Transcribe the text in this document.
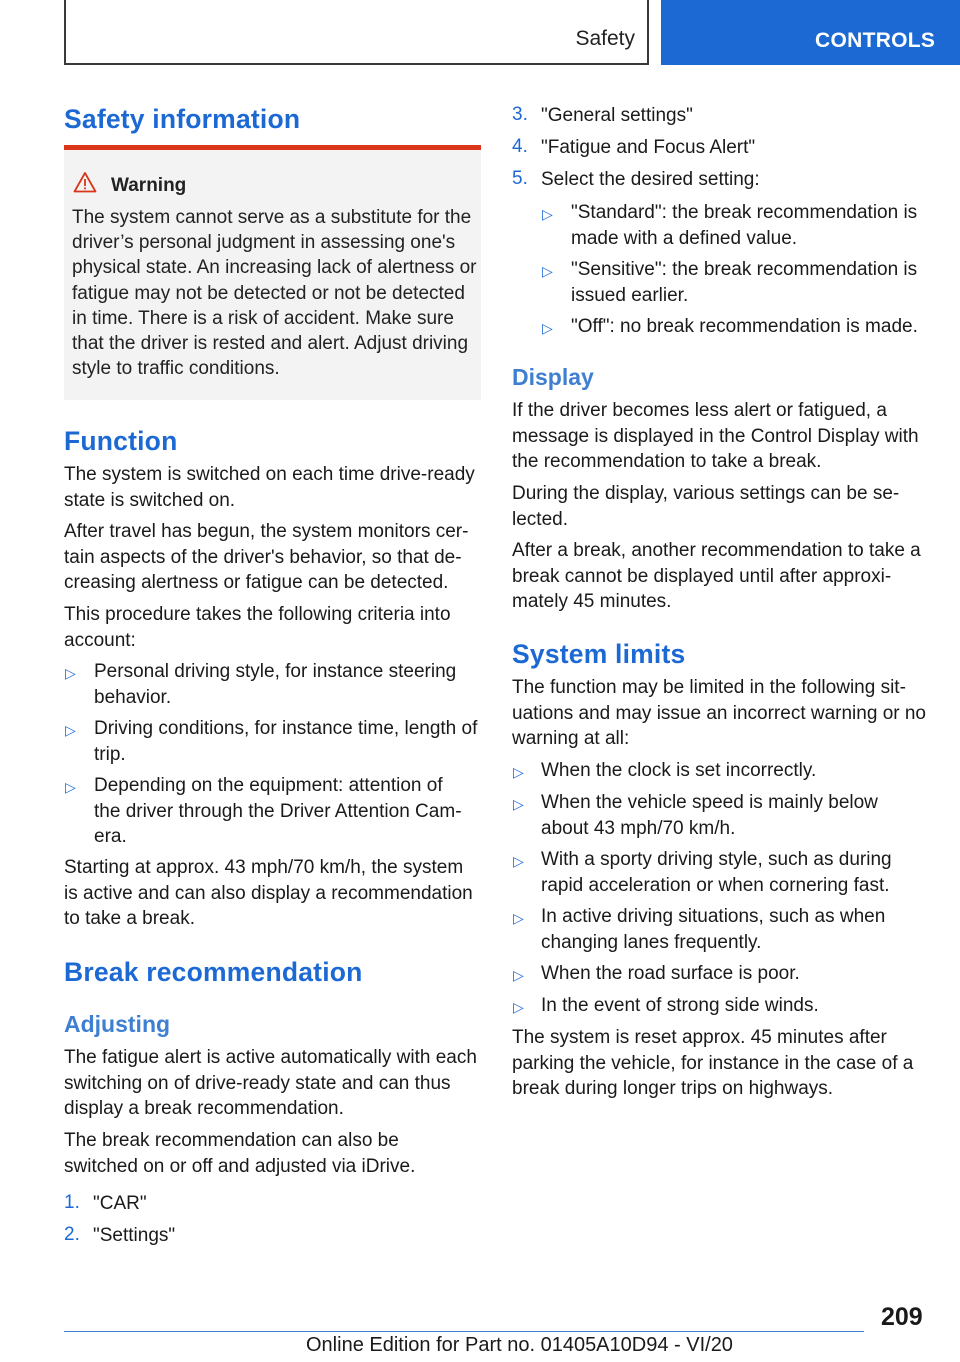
Safety	CONTROLS
Safety information
Warning

The system cannot serve as a substitute for the driver’s personal judgment in assessing one's physical state. An increasing lack of alertness or fatigue may not be detected or not be detected in time. There is a risk of accident. Make sure that the driver is rested and alert. Adjust driving style to traffic conditions.

Function

The system is switched on each time drive-ready state is switched on.

After travel has begun, the system monitors certain aspects of the driver's behavior, so that decreasing alertness or fatigue can be detected.

This procedure takes the following criteria into account:

▷ Personal driving style, for instance steering behavior.

▷ Driving conditions, for instance time, length of trip.

▷ Depending on the equipment: attention of the driver through the Driver Attention Camera.

Starting at approx. 43 mph/70 km/h, the system is active and can also display a recommendation to take a break.

Break recommendation
Adjusting

The fatigue alert is active automatically with each switching on of drive-ready state and can thus display a break recommendation.

The break recommendation can also be switched on or off and adjusted via iDrive.

1. "CAR"

2. "Settings"

3. "General settings"

4. "Fatigue and Focus Alert"

5. Select the desired setting:

▷ "Standard": the break recommendation is made with a defined value.

▷ "Sensitive": the break recommendation is issued earlier.

▷ "Off": no break recommendation is made.

Display

If the driver becomes less alert or fatigued, a message is displayed in the Control Display with the recommendation to take a break.

During the display, various settings can be selected.

After a break, another recommendation to take a break cannot be displayed until after approximately 45 minutes.

System limits

The function may be limited in the following situations and may issue an incorrect warning or no warning at all:

▷ When the clock is set incorrectly.

▷ When the vehicle speed is mainly below about 43 mph/70 km/h.

▷ With a sporty driving style, such as during rapid acceleration or when cornering fast.

▷ In active driving situations, such as when changing lanes frequently.

▷ When the road surface is poor.

▷ In the event of strong side winds.

The system is reset approx. 45 minutes after parking the vehicle, for instance in the case of a break during longer trips on highways.

209
Online Edition for Part no. 01405A10D94 - VI/20
